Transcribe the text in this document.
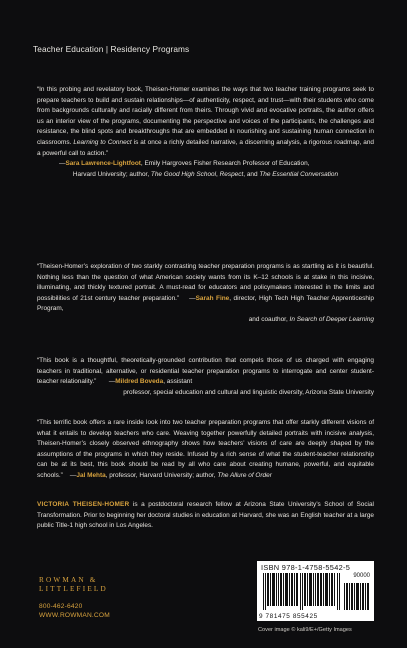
Teacher Education | Residency Programs

“In this probing and revelatory book, Theisen-Homer examines the ways that two teacher training programs seek to prepare teachers to build and sustain relationships—of authenticity, respect, and trust—with their students who come from backgrounds culturally and racially different from theirs. Through vivid and evocative portraits, the author offers us an interior view of the programs, documenting the perspective and voices of the participants, the challenges and resistance, the blind spots and breakthroughs that are embedded in nourishing and sustaining human connection in classrooms. Learning to Connect is at once a richly detailed narrative, a discerning analysis, a rigorous roadmap, and a powerful call to action.”

—Sara Lawrence-Lightfoot, Emily Hargroves Fisher Research Professor of Education,

Harvard University; author, The Good High School, Respect, and The Essential Conversation

“Theisen-Homer’s exploration of two starkly contrasting teacher preparation programs is as startling as it is beautiful. Nothing less than the question of what American society wants from its K–12 schools is at stake in this incisive, illuminating, and thickly textured portrait. A must-read for educators and policymakers interested in the limits and possibilities of 21st century teacher preparation.” —Sarah Fine, director, High Tech High Teacher Apprenticeship Program,

and coauthor, In Search of Deeper Learning

“This book is a thoughtful, theoretically-grounded contribution that compels those of us charged with engaging teachers in traditional, alternative, or residential teacher preparation programs to interrogate and center student-teacher relationality.” —Mildred Boveda, assistant

professor, special education and cultural and linguistic diversity, Arizona State University

“This terrific book offers a rare inside look into two teacher preparation programs that offer starkly different visions of what it entails to develop teachers who care. Weaving together powerfully detailed portraits with incisive analysis, Theisen-Homer’s closely observed ethnography shows how teachers’ visions of care are deeply shaped by the assumptions of the programs in which they reside. Infused by a rich sense of what the student-teacher relationship can be at its best, this book should be read by all who care about creating humane, powerful, and equitable schools.” —Jal Mehta, professor, Harvard University; author, The Allure of Order

VICTORIA THEISEN-HOMER is a postdoctoral research fellow at Arizona State University’s School of Social Transformation. Prior to beginning her doctoral studies in education at Harvard, she was an English teacher at a large public Title-1 high school in Los Angeles.
ROWMAN &
LITTLEFIELD
800-462-6420
WWW.ROWMAN.COM
ISBN 978-1-4758-5542-5
90000
9 781475 855425
Cover image © kali9/E+/Getty Images
